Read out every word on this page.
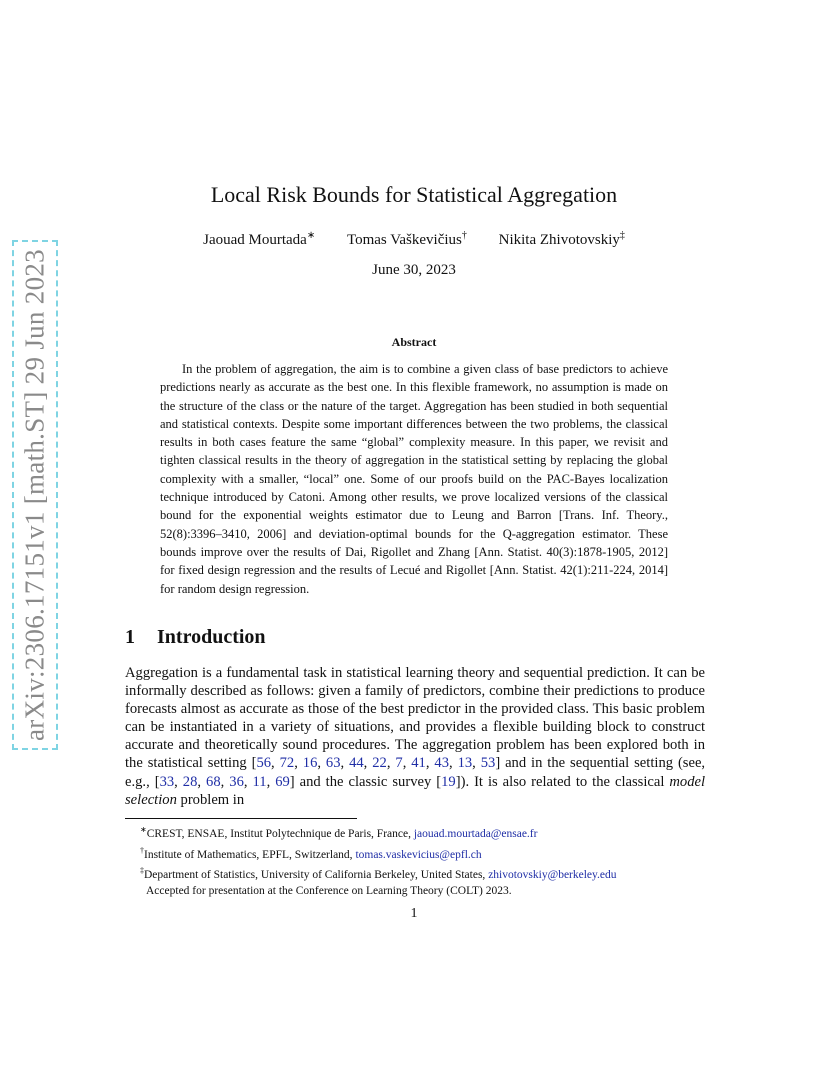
arXiv:2306.17151v1 [math.ST] 29 Jun 2023
Local Risk Bounds for Statistical Aggregation
Jaouad Mourtada∗ Tomas Vaškevičius† Nikita Zhivotovskiy‡
June 30, 2023
Abstract
In the problem of aggregation, the aim is to combine a given class of base predictors to achieve predictions nearly as accurate as the best one. In this flexible framework, no assumption is made on the structure of the class or the nature of the target. Aggregation has been studied in both sequential and statistical contexts. Despite some important differences between the two problems, the classical results in both cases feature the same “global” complexity measure. In this paper, we revisit and tighten classical results in the theory of aggregation in the statistical setting by replacing the global complexity with a smaller, “local” one. Some of our proofs build on the PAC-Bayes localization technique introduced by Catoni. Among other results, we prove localized versions of the classical bound for the exponential weights estimator due to Leung and Barron [Trans. Inf. Theory., 52(8):3396–3410, 2006] and deviation-optimal bounds for the Q-aggregation estimator. These bounds improve over the results of Dai, Rigollet and Zhang [Ann. Statist. 40(3):1878-1905, 2012] for fixed design regression and the results of Lecué and Rigollet [Ann. Statist. 42(1):211-224, 2014] for random design regression.
1 Introduction
Aggregation is a fundamental task in statistical learning theory and sequential prediction. It can be informally described as follows: given a family of predictors, combine their predictions to produce forecasts almost as accurate as those of the best predictor in the provided class. This basic problem can be instantiated in a variety of situations, and provides a flexible building block to construct accurate and theoretically sound procedures. The aggregation problem has been explored both in the statistical setting [56, 72, 16, 63, 44, 22, 7, 41, 43, 13, 53] and in the sequential setting (see, e.g., [33, 28, 68, 36, 11, 69] and the classic survey [19]). It is also related to the classical model selection problem in
∗CREST, ENSAE, Institut Polytechnique de Paris, France, jaouad.mourtada@ensae.fr
†Institute of Mathematics, EPFL, Switzerland, tomas.vaskevicius@epfl.ch
‡Department of Statistics, University of California Berkeley, United States, zhivotovskiy@berkeley.edu
Accepted for presentation at the Conference on Learning Theory (COLT) 2023.
1
